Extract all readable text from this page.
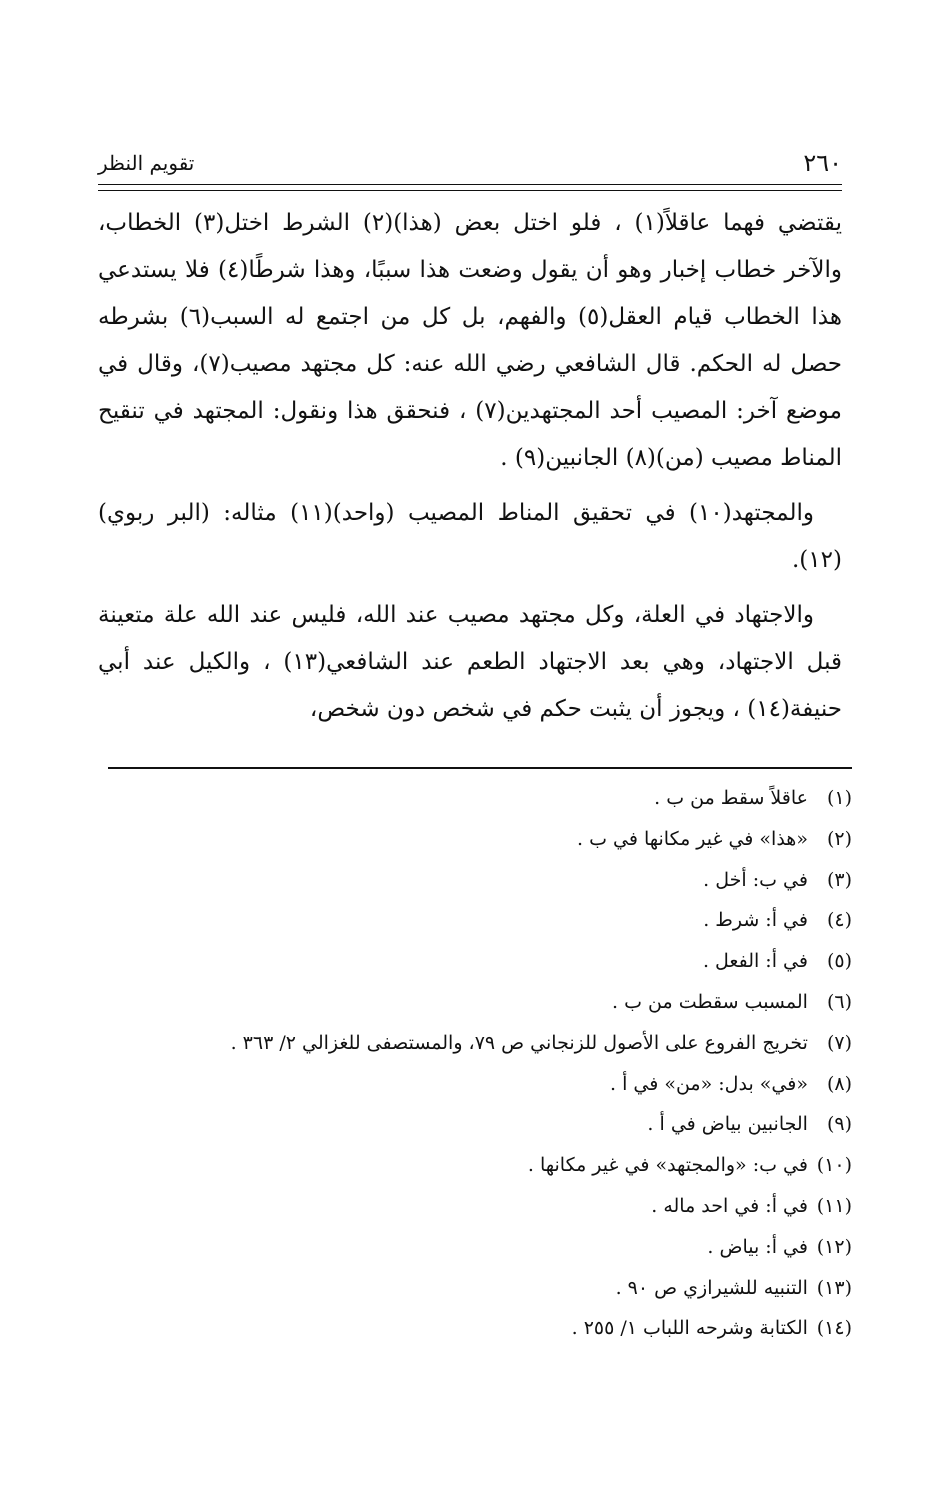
٢٦٠
تقويم النظر

يقتضي فهما عاقلاً(١) ، فلو اختل بعض (هذا)(٢) الشرط اختل(٣) الخطاب، والآخر خطاب إخبار وهو أن يقول وضعت هذا سببًا، وهذا شرطًا(٤) فلا يستدعي هذا الخطاب قيام العقل(٥) والفهم، بل كل من اجتمع له السبب(٦) بشرطه حصل له الحكم. قال الشافعي رضي الله عنه: كل مجتهد مصيب(٧)، وقال في موضع آخر: المصيب أحد المجتهدين(٧) ، فنحقق هذا ونقول: المجتهد في تنقيح المناط مصيب (من)(٨) الجانبين(٩) .

والمجتهد(١٠) في تحقيق المناط المصيب (واحد)(١١) مثاله: (البر ربوي)(١٢).

والاجتهاد في العلة، وكل مجتهد مصيب عند الله، فليس عند الله علة متعينة قبل الاجتهاد، وهي بعد الاجتهاد الطعم عند الشافعي(١٣) ، والكيل عند أبي حنيفة(١٤) ، ويجوز أن يثبت حكم في شخص دون شخص،

(١) عاقلاً سقط من ب .
(٢) «هذا» في غير مكانها في ب .
(٣) في ب: أخل .
(٤) في أ: شرط .
(٥) في أ: الفعل .
(٦) المسبب سقطت من ب .
(٧) تخريج الفروع على الأصول للزنجاني ص ٧٩، والمستصفى للغزالي ٢/ ٣٦٣ .
(٨) «في» بدل: «من» في أ .
(٩) الجانبين بياض في أ .
(١٠) في ب: «والمجتهد» في غير مكانها .
(١١) في أ: في احد ماله .
(١٢) في أ: بياض .
(١٣) التنبيه للشيرازي ص ٩٠ .
(١٤) الكتابة وشرحه اللباب ١/ ٢٥٥ .
